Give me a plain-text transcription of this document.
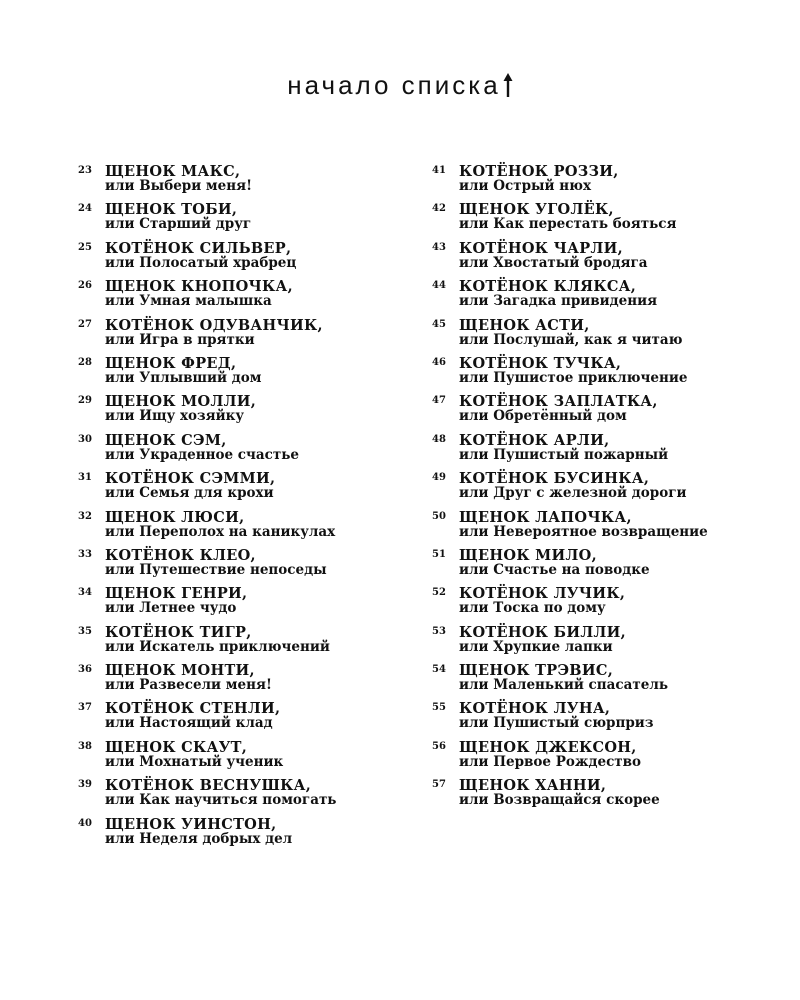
начало списка
23 ЩЕНОК МАКС,
или Выбери меня!
24 ЩЕНОК ТОБИ,
или Старший друг
25 КОТЁНОК СИЛЬВЕР,
или Полосатый храбрец
26 ЩЕНОК КНОПОЧКА,
или Умная малышка
27 КОТЁНОК ОДУВАНЧИК,
или Игра в прятки
28 ЩЕНОК ФРЕД,
или Уплывший дом
29 ЩЕНОК МОЛЛИ,
или Ищу хозяйку
30 ЩЕНОК СЭМ,
или Украденное счастье
31 КОТЁНОК СЭММИ,
или Семья для крохи
32 ЩЕНОК ЛЮСИ,
или Переполох на каникулах
33 КОТЁНОК КЛЕО,
или Путешествие непоседы
34 ЩЕНОК ГЕНРИ,
или Летнее чудо
35 КОТЁНОК ТИГР,
или Искатель приключений
36 ЩЕНОК МОНТИ,
или Развесели меня!
37 КОТЁНОК СТЕНЛИ,
или Настоящий клад
38 ЩЕНОК СКАУТ,
или Мохнатый ученик
39 КОТЁНОК ВЕСНУШКА,
или Как научиться помогать
40 ЩЕНОК УИНСТОН,
или Неделя добрых дел
41 КОТЁНОК РОЗЗИ,
или Острый нюх
42 ЩЕНОК УГОЛЁК,
или Как перестать бояться
43 КОТЁНОК ЧАРЛИ,
или Хвостатый бродяга
44 КОТЁНОК КЛЯКСА,
или Загадка привидения
45 ЩЕНОК АСТИ,
или Послушай, как я читаю
46 КОТЁНОК ТУЧКА,
или Пушистое приключение
47 КОТЁНОК ЗАПЛАТКА,
или Обретённый дом
48 КОТЁНОК АРЛИ,
или Пушистый пожарный
49 КОТЁНОК БУСИНКА,
или Друг с железной дороги
50 ЩЕНОК ЛАПОЧКА,
или Невероятное возвращение
51 ЩЕНОК МИЛО,
или Счастье на поводке
52 КОТЁНОК ЛУЧИК,
или Тоска по дому
53 КОТЁНОК БИЛЛИ,
или Хрупкие лапки
54 ЩЕНОК ТРЭВИС,
или Маленький спасатель
55 КОТЁНОК ЛУНА,
или Пушистый сюрприз
56 ЩЕНОК ДЖЕКСОН,
или Первое Рождество
57 ЩЕНОК ХАННИ,
или Возвращайся скорее
